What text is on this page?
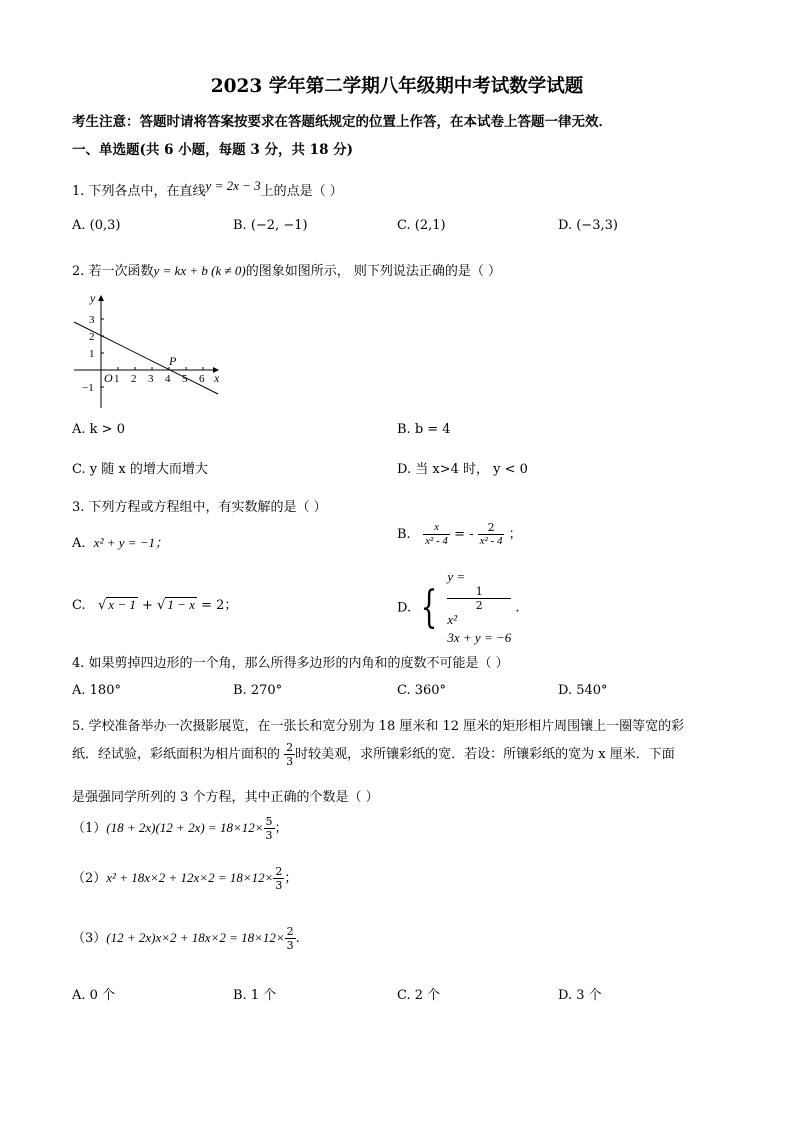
2023 学年第二学期八年级期中考试数学试题
考生注意：答题时请将答案按要求在答题纸规定的位置上作答，在本试卷上答题一律无效．
一、单选题(共 6 小题，每题 3 分，共 18 分)
1. 下列各点中，在直线y = 2x − 3上的点是（ ）
A. (0,3)	B. (−2, −1)	C. (2,1)	D. (−3,3)
2. 若一次函数y = kx + b (k ≠ 0)的图象如图所示， 则下列说法正确的是（ ）
y
x
O
P
3
2
1
−1
1 2 3 4 5 6
A. k > 0	B. b = 4
C. y 随 x 的增大而增大	D. 当 x>4 时， y < 0
3. 下列方程或方程组中，有实数解的是（ ）
A. x² + y = −1；
B. $\frac{x}{\text{x² - 4}}$ = - $\frac{2}{\text{x² - 4}}$ ；
C. √ x − 1 + √ 1 − x = 2；	D. {
y =
1
2
x²
3x + y = −6
.
4. 如果剪掉四边形的一个角，那么所得多边形的内角和的度数不可能是（ ）
A. 180°	B. 270°	C. 360°	D. 540°
5. 学校准备举办一次摄影展览，在一张长和宽分别为 18 厘米和 12 厘米的矩形相片周围镶上一圈等宽的彩
纸．经试验，彩纸面积为相片面积的 $\frac{2}{3}$ 时较美观，求所镶彩纸的宽．若设：所镶彩纸的宽为 x 厘米．下面
是强强同学所列的 3 个方程，其中正确的个数是（ ）
$(1)(18 + 2x)(12 + 2x) = 18\times 12\times \frac{5}{3}$ ；
$(2)x^2 + 18x\times 2 + 12x\times 2 = 18\times 12\times \frac{2}{3}$ ；
$(3)(12 + 2x)x\times 2 + 18x\times 2 = 18\times 12\times \frac{2}{3}$ .
A. 0 个	B. 1 个	C. 2 个	D. 3 个
